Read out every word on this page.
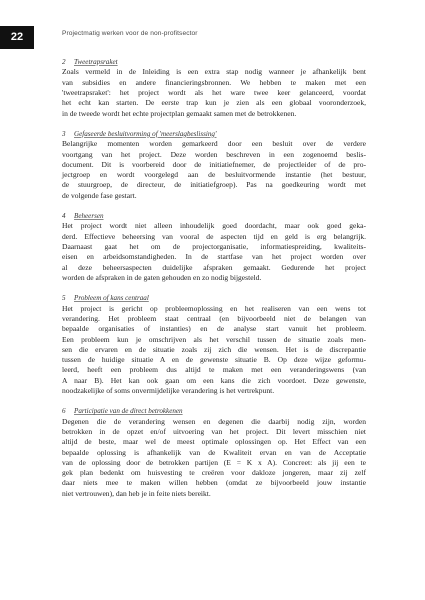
22	Projectmatig werken voor de non-profitsector
2 Tweetrapsraket
Zoals vermeld in de Inleiding is een extra stap nodig wanneer je afhankelijk bent
van subsidies en andere financieringsbronnen. We hebben te maken met een
'tweetrapsraket': het project wordt als het ware twee keer gelanceerd, voordat
het echt kan starten. De eerste trap kun je zien als een globaal vooronderzoek,
in de tweede wordt het echte projectplan gemaakt samen met de betrokkenen.
3 Gefaseerde besluitvorming of 'meerslagbeslissing'
Belangrijke momenten worden gemarkeerd door een besluit over de verdere
voortgang van het project. Deze worden beschreven in een zogenoemd beslis-
document. Dit is voorbereid door de initiatiefnemer, de projectleider of de pro-
jectgroep en wordt voorgelegd aan de besluitvormende instantie (het bestuur,
de stuurgroep, de directeur, de initiatiefgroep). Pas na goedkeuring wordt met
de volgende fase gestart.
4 Beheersen
Het project wordt niet alleen inhoudelijk goed doordacht, maar ook goed geka-
derd. Effectieve beheersing van vooral de aspecten tijd en geld is erg belangrijk.
Daarnaast gaat het om de projectorganisatie, informatiespreiding, kwaliteits-
eisen en arbeidsomstandigheden. In de startfase van het project worden over
al deze beheersaspecten duidelijke afspraken gemaakt. Gedurende het project
worden de afspraken in de gaten gehouden en zo nodig bijgesteld.
5 Probleem of kans centraal
Het project is gericht op probleemoplossing en het realiseren van een wens tot
verandering. Het probleem staat centraal (en bijvoorbeeld niet de belangen van
bepaalde organisaties of instanties) en de analyse start vanuit het probleem.
Een probleem kun je omschrijven als het verschil tussen de situatie zoals men-
sen die ervaren en de situatie zoals zij zich die wensen. Het is de discrepantie
tussen de huidige situatie A en de gewenste situatie B. Op deze wijze geformu-
leerd, heeft een probleem dus altijd te maken met een veranderingswens (van
A naar B). Het kan ook gaan om een kans die zich voordoet. Deze gewenste,
noodzakelijke of soms onvermijdelijke verandering is het vertrekpunt.
6 Participatie van de direct betrokkenen
Degenen die de verandering wensen en degenen die daarbij nodig zijn, worden
betrokken in de opzet en/of uitvoering van het project. Dit levert misschien niet
altijd de beste, maar wel de meest optimale oplossingen op. Het Effect van een
bepaalde oplossing is afhankelijk van de Kwaliteit ervan en van de Acceptatie
van de oplossing door de betrokken partijen (E = K x A). Concreet: als jij een te
gek plan bedenkt om huisvesting te creëren voor dakloze jongeren, maar zij zelf
daar niets mee te maken willen hebben (omdat ze bijvoorbeeld jouw instantie
niet vertrouwen), dan heb je in feite niets bereikt.
